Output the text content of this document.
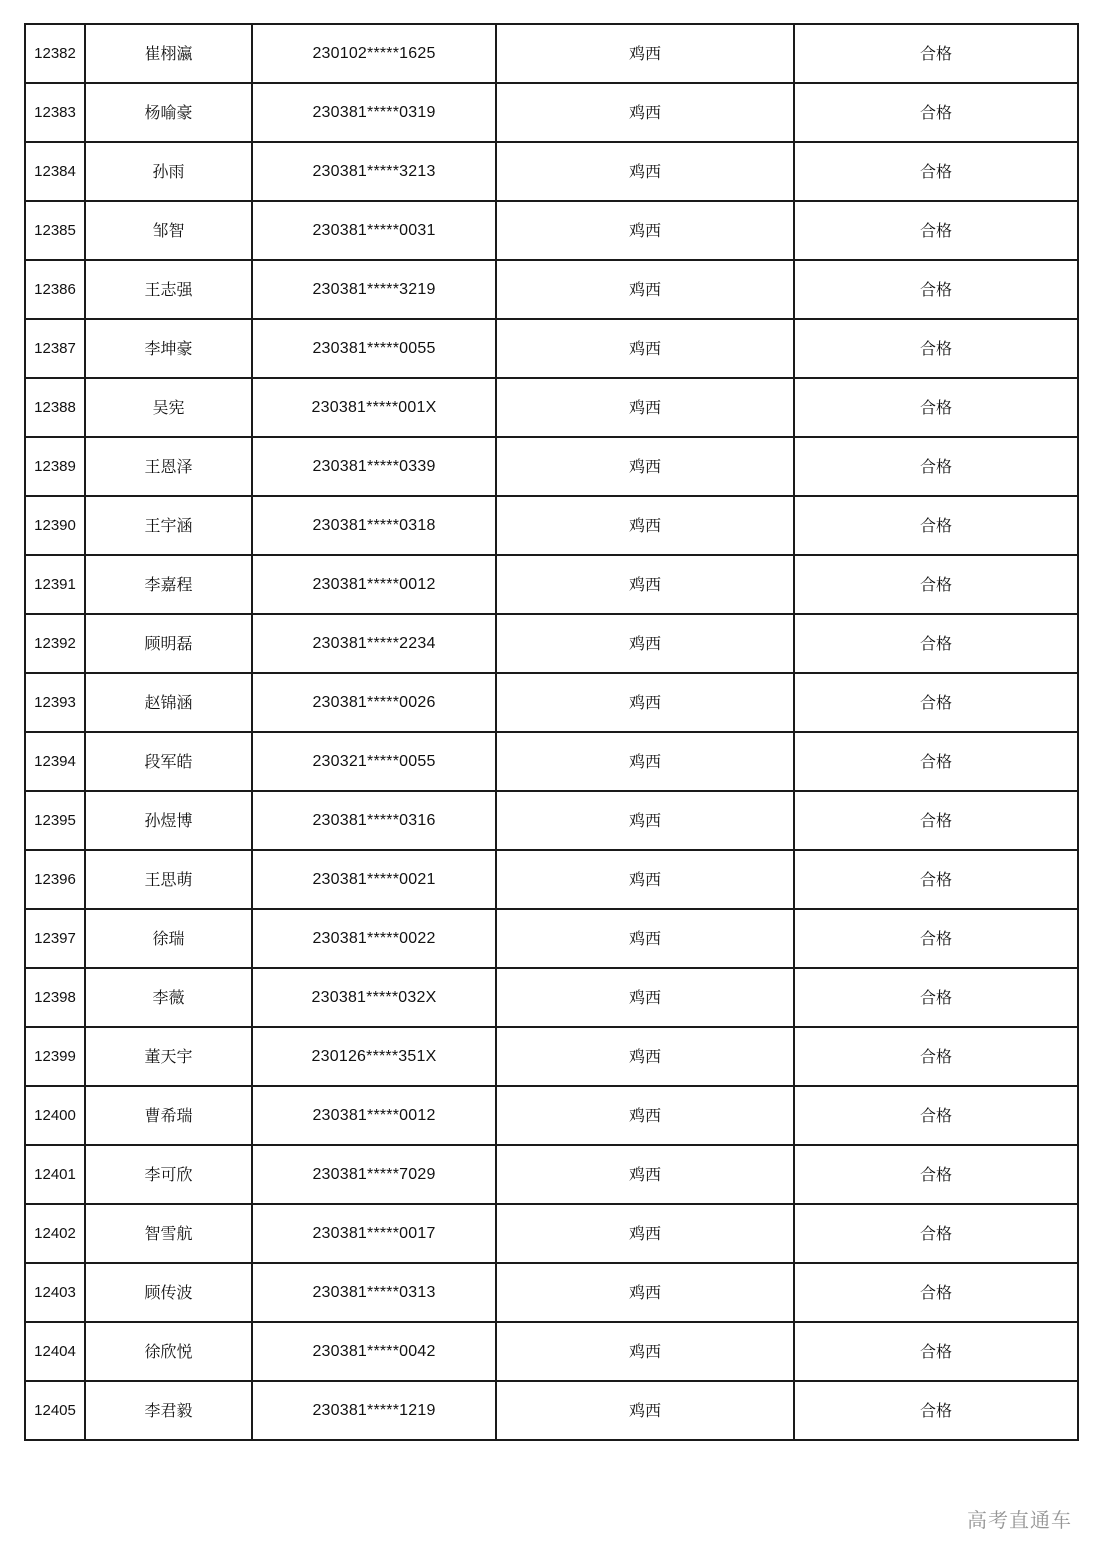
12382	崔栩瀛	230102*****1625	鸡西	合格
12383	杨喻豪	230381*****0319	鸡西	合格
12384	孙雨	230381*****3213	鸡西	合格
12385	邹智	230381*****0031	鸡西	合格
12386	王志强	230381*****3219	鸡西	合格
12387	李坤豪	230381*****0055	鸡西	合格
12388	吴宪	230381*****001X	鸡西	合格
12389	王恩泽	230381*****0339	鸡西	合格
12390	王宇涵	230381*****0318	鸡西	合格
12391	李嘉程	230381*****0012	鸡西	合格
12392	顾明磊	230381*****2234	鸡西	合格
12393	赵锦涵	230381*****0026	鸡西	合格
12394	段军皓	230321*****0055	鸡西	合格
12395	孙煜博	230381*****0316	鸡西	合格
12396	王思萌	230381*****0021	鸡西	合格
12397	徐瑞	230381*****0022	鸡西	合格
12398	李薇	230381*****032X	鸡西	合格
12399	董天宇	230126*****351X	鸡西	合格
12400	曹希瑞	230381*****0012	鸡西	合格
12401	李可欣	230381*****7029	鸡西	合格
12402	智雪航	230381*****0017	鸡西	合格
12403	顾传波	230381*****0313	鸡西	合格
12404	徐欣悦	230381*****0042	鸡西	合格
12405	李君毅	230381*****1219	鸡西	合格
高考直通车
